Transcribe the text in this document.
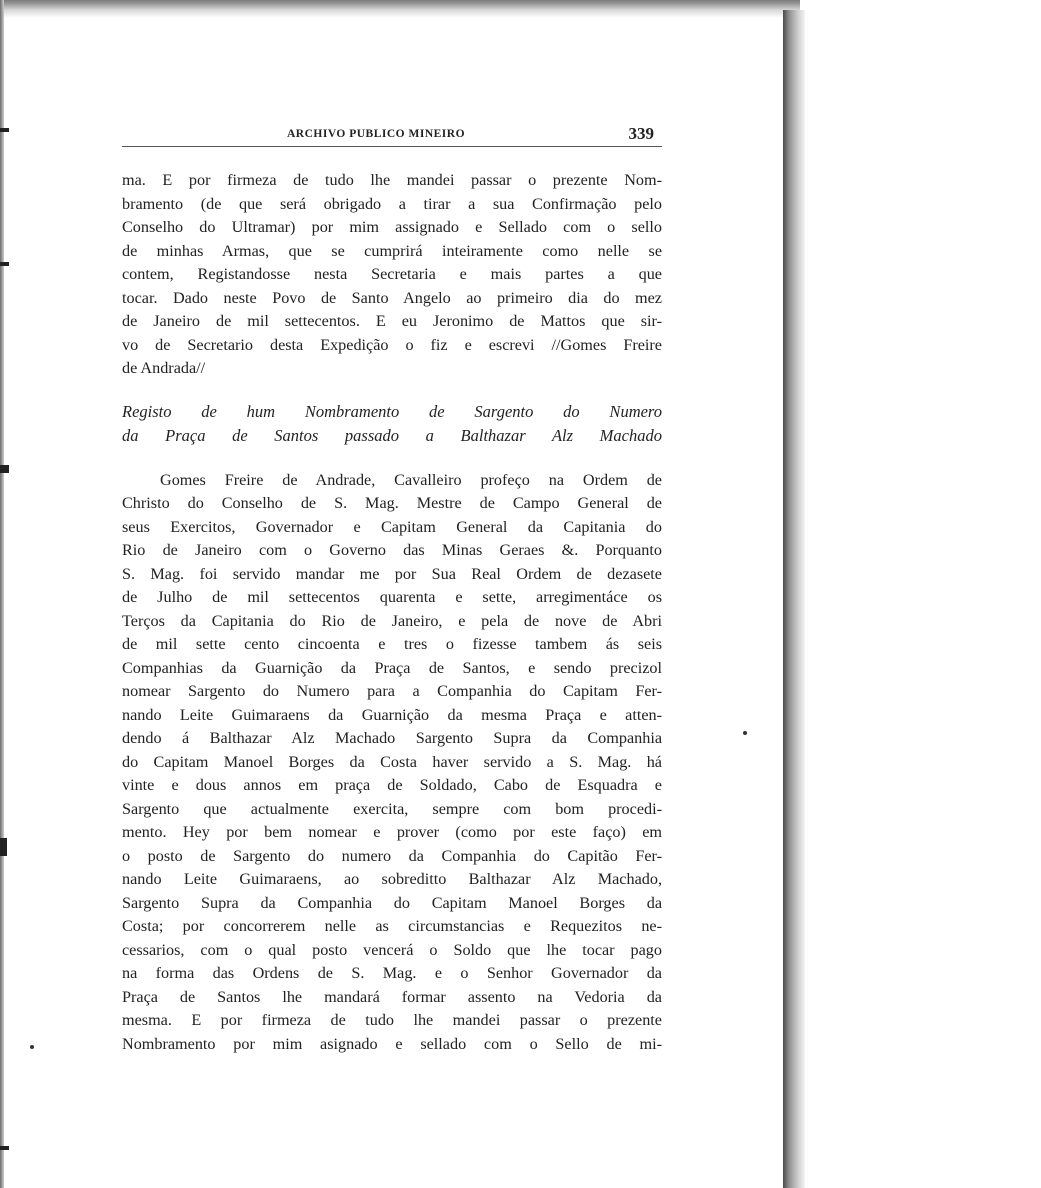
ARCHIVO PUBLICO MINEIRO	339

ma. E por firmeza de tudo lhe mandei passar o prezente Nom-
bramento (de que será obrigado a tirar a sua Confirmação pelo
Conselho do Ultramar) por mim assignado e Sellado com o sello
de minhas Armas, que se cumprirá inteiramente como nelle se
contem, Registandosse nesta Secretaria e mais partes a que
tocar. Dado neste Povo de Santo Angelo ao primeiro dia do mez
de Janeiro de mil settecentos. E eu Jeronimo de Mattos que sir-
vo de Secretario desta Expedição o fiz e escrevi //Gomes Freire
de Andrada//

Registo de hum Nombramento de Sargento do Numero
da Praça de Santos passado a Balthazar Alz Machado

Gomes Freire de Andrade, Cavalleiro profeço na Ordem de
Christo do Conselho de S. Mag. Mestre de Campo General de
seus Exercitos, Governador e Capitam General da Capitania do
Rio de Janeiro com o Governo das Minas Geraes &. Porquanto
S. Mag. foi servido mandar me por Sua Real Ordem de dezasete
de Julho de mil settecentos quarenta e sette, arregimentáce os
Terços da Capitania do Rio de Janeiro, e pela de nove de Abri
de mil sette cento cincoenta e tres o fizesse tambem ás seis
Companhias da Guarnição da Praça de Santos, e sendo precizol
nomear Sargento do Numero para a Companhia do Capitam Fer-
nando Leite Guimaraens da Guarnição da mesma Praça e atten-
dendo á Balthazar Alz Machado Sargento Supra da Companhia
do Capitam Manoel Borges da Costa haver servido a S. Mag. há
vinte e dous annos em praça de Soldado, Cabo de Esquadra e
Sargento que actualmente exercita, sempre com bom procedi-
mento. Hey por bem nomear e prover (como por este faço) em
o posto de Sargento do numero da Companhia do Capitão Fer-
nando Leite Guimaraens, ao sobreditto Balthazar Alz Machado,
Sargento Supra da Companhia do Capitam Manoel Borges da
Costa; por concorrerem nelle as circumstancias e Requezitos ne-
cessarios, com o qual posto vencerá o Soldo que lhe tocar pago
na forma das Ordens de S. Mag. e o Senhor Governador da
Praça de Santos lhe mandará formar assento na Vedoria da
mesma. E por firmeza de tudo lhe mandei passar o prezente
Nombramento por mim asignado e sellado com o Sello de mi-
